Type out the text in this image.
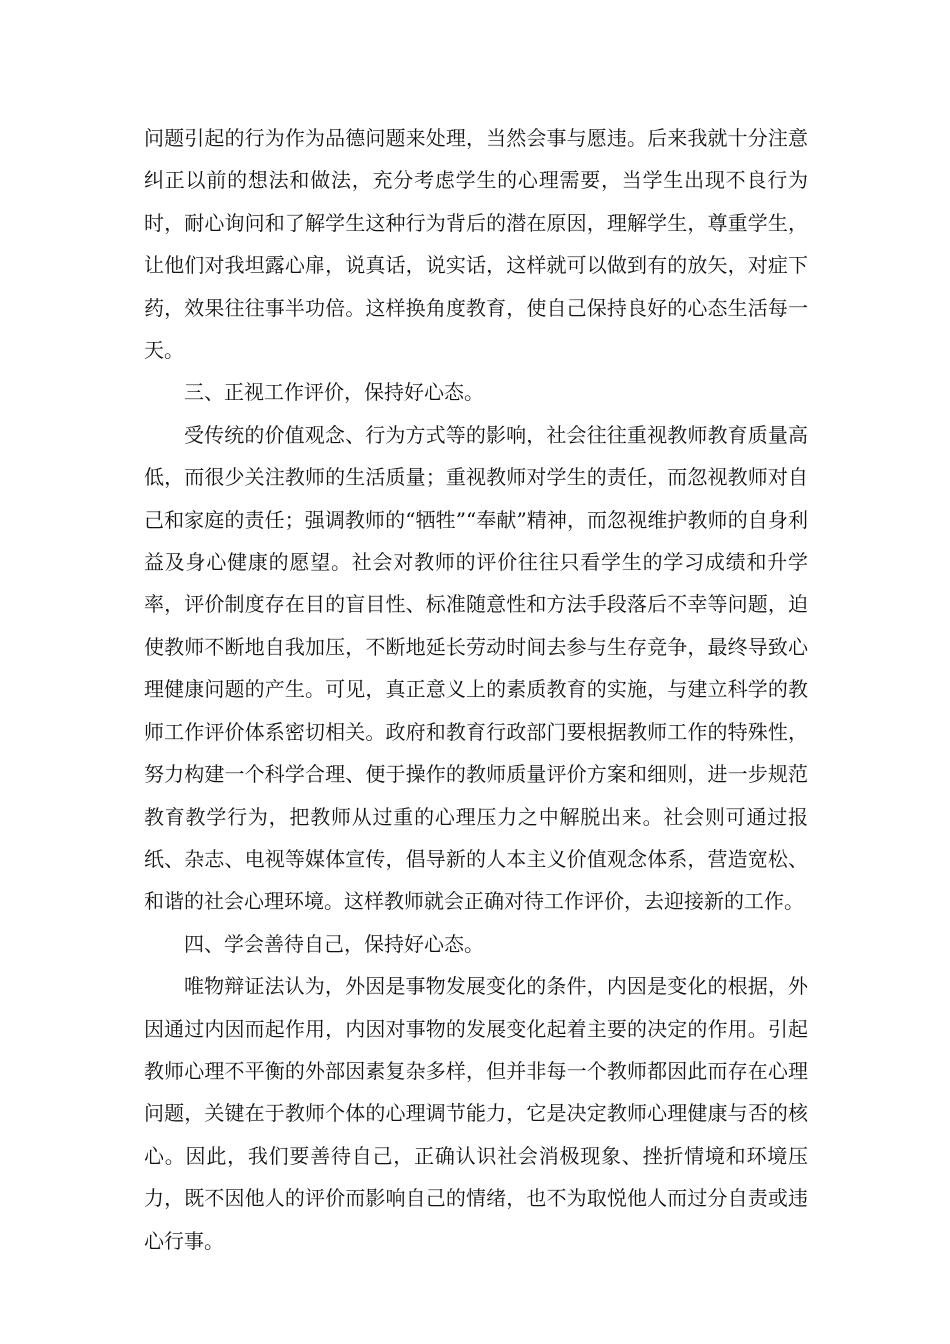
问题引起的行为作为品德问题来处理，当然会事与愿违。后来我就十分注意纠正以前的想法和做法，充分考虑学生的心理需要，当学生出现不良行为时，耐心询问和了解学生这种行为背后的潜在原因，理解学生，尊重学生，让他们对我坦露心扉，说真话，说实话，这样就可以做到有的放矢，对症下药，效果往往事半功倍。这样换角度教育，使自己保持良好的心态生活每一天。

三、正视工作评价，保持好心态。

受传统的价值观念、行为方式等的影响，社会往往重视教师教育质量高低，而很少关注教师的生活质量；重视教师对学生的责任，而忽视教师对自己和家庭的责任；强调教师的“牺牲”“奉献”精神，而忽视维护教师的自身利益及身心健康的愿望。社会对教师的评价往往只看学生的学习成绩和升学率，评价制度存在目的盲目性、标准随意性和方法手段落后不幸等问题，迫使教师不断地自我加压，不断地延长劳动时间去参与生存竞争，最终导致心理健康问题的产生。可见，真正意义上的素质教育的实施，与建立科学的教师工作评价体系密切相关。政府和教育行政部门要根据教师工作的特殊性，努力构建一个科学合理、便于操作的教师质量评价方案和细则，进一步规范教育教学行为，把教师从过重的心理压力之中解脱出来。社会则可通过报纸、杂志、电视等媒体宣传，倡导新的人本主义价值观念体系，营造宽松、和谐的社会心理环境。这样教师就会正确对待工作评价，去迎接新的工作。

四、学会善待自己，保持好心态。

唯物辩证法认为，外因是事物发展变化的条件，内因是变化的根据，外因通过内因而起作用，内因对事物的发展变化起着主要的决定的作用。引起教师心理不平衡的外部因素复杂多样，但并非每一个教师都因此而存在心理问题，关键在于教师个体的心理调节能力，它是决定教师心理健康与否的核心。因此，我们要善待自己，正确认识社会消极现象、挫折情境和环境压力，既不因他人的评价而影响自己的情绪，也不为取悦他人而过分自责或违心行事。
